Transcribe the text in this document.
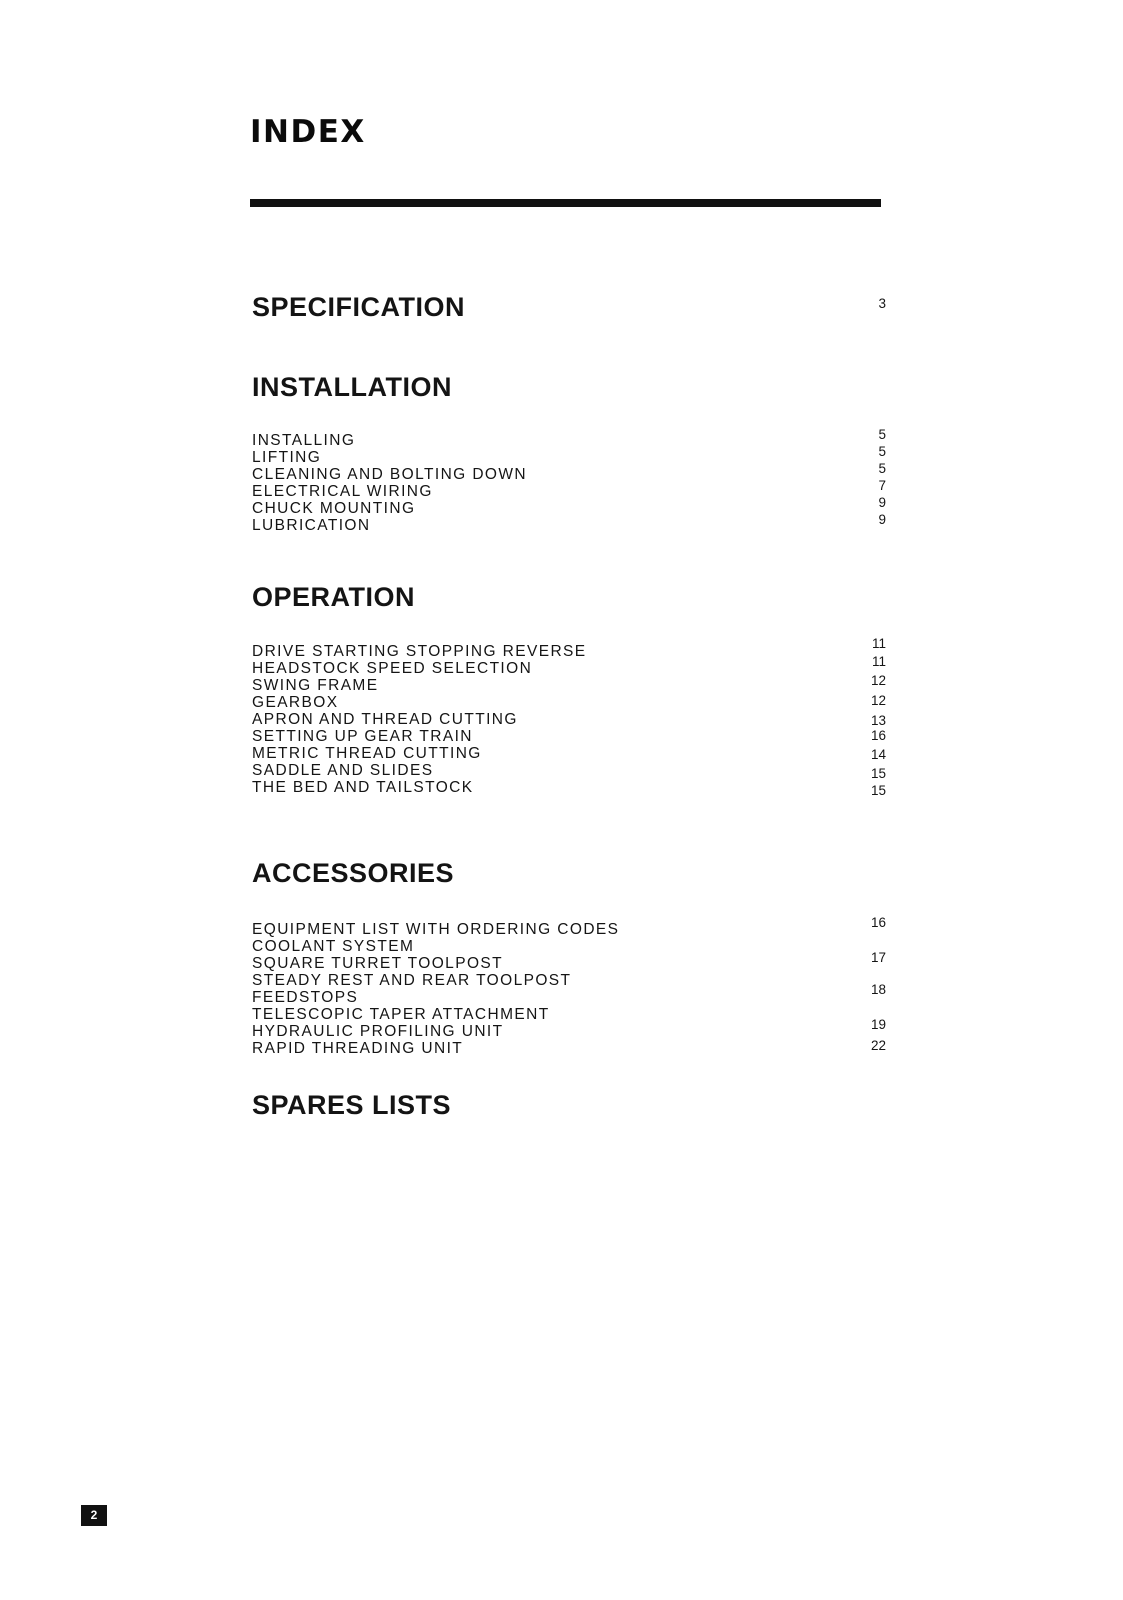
INDEX
SPECIFICATION	3
INSTALLATION
INSTALLING
LIFTING
CLEANING AND BOLTING DOWN
ELECTRICAL WIRING
CHUCK MOUNTING
LUBRICATION
5
5
5
7
9
9
OPERATION
DRIVE STARTING STOPPING REVERSE
HEADSTOCK SPEED SELECTION
SWING FRAME
GEARBOX
APRON AND THREAD CUTTING
SETTING UP GEAR TRAIN
METRIC THREAD CUTTING
SADDLE AND SLIDES
THE BED AND TAILSTOCK
11
11
12
12
13
16
14
15
15
ACCESSORIES
EQUIPMENT LIST WITH ORDERING CODES
COOLANT SYSTEM
SQUARE TURRET TOOLPOST
STEADY REST AND REAR TOOLPOST
FEEDSTOPS
TELESCOPIC TAPER ATTACHMENT
HYDRAULIC PROFILING UNIT
RAPID THREADING UNIT
16
17
18
19
22
SPARES LISTS
2
